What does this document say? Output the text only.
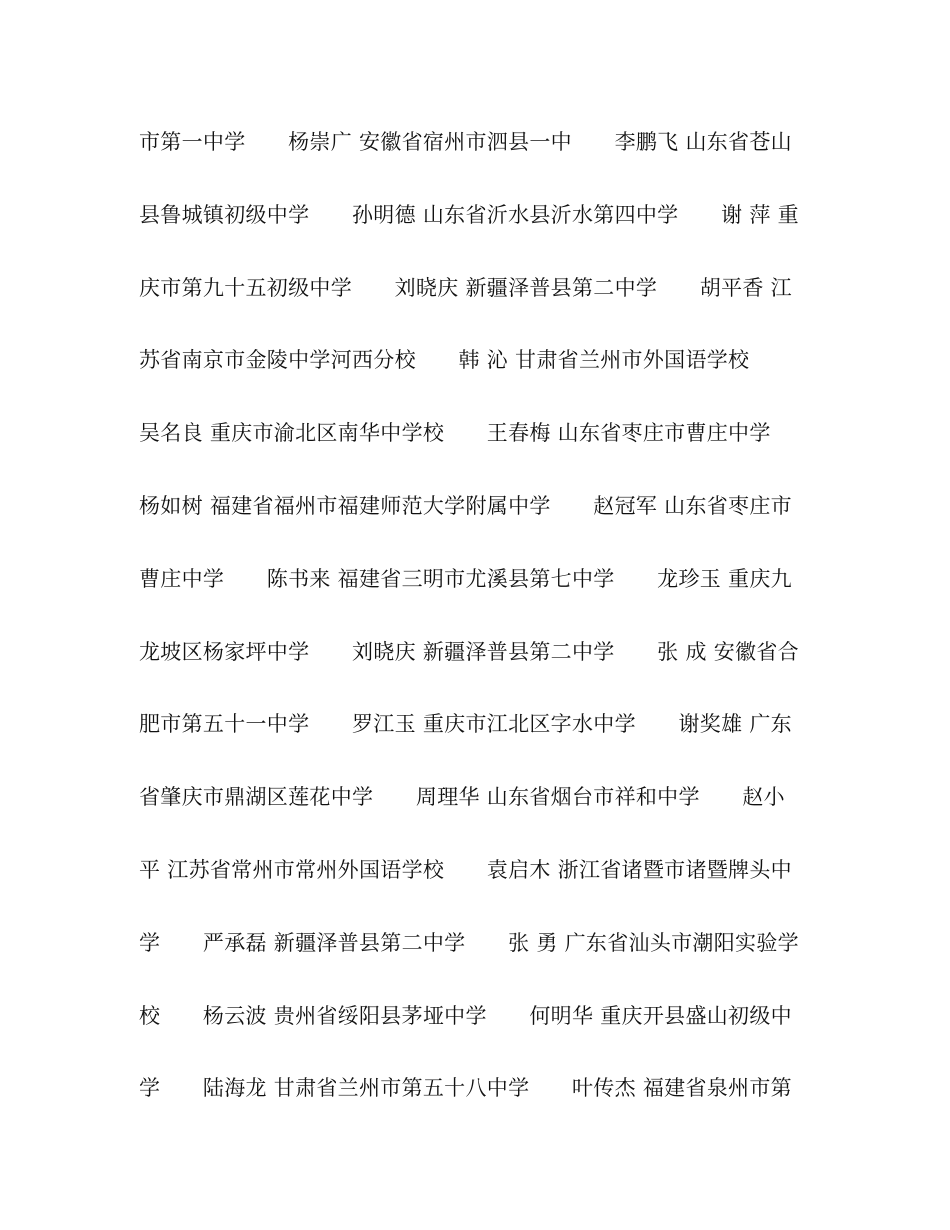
市第一中学　　杨崇广 安徽省宿州市泗县一中　　李鹏飞 山东省苍山
县鲁城镇初级中学　　孙明德 山东省沂水县沂水第四中学　　谢 萍 重
庆市第九十五初级中学　　刘晓庆 新疆泽普县第二中学　　胡平香 江
苏省南京市金陵中学河西分校　　韩 沁 甘肃省兰州市外国语学校
吴名良 重庆市渝北区南华中学校　　王春梅 山东省枣庄市曹庄中学
杨如树 福建省福州市福建师范大学附属中学　　赵冠军 山东省枣庄市
曹庄中学　　陈书来 福建省三明市尤溪县第七中学　　龙珍玉 重庆九
龙坡区杨家坪中学　　刘晓庆 新疆泽普县第二中学　　张 成 安徽省合
肥市第五十一中学　　罗江玉 重庆市江北区字水中学　　谢奖雄 广东
省肇庆市鼎湖区莲花中学　　周理华 山东省烟台市祥和中学　　赵小
平 江苏省常州市常州外国语学校　　袁启木 浙江省诸暨市诸暨牌头中
学　　严承磊 新疆泽普县第二中学　　张 勇 广东省汕头市潮阳实验学
校　　杨云波 贵州省绥阳县茅垭中学　　何明华 重庆开县盛山初级中
学　　陆海龙 甘肃省兰州市第五十八中学　　叶传杰 福建省泉州市第
